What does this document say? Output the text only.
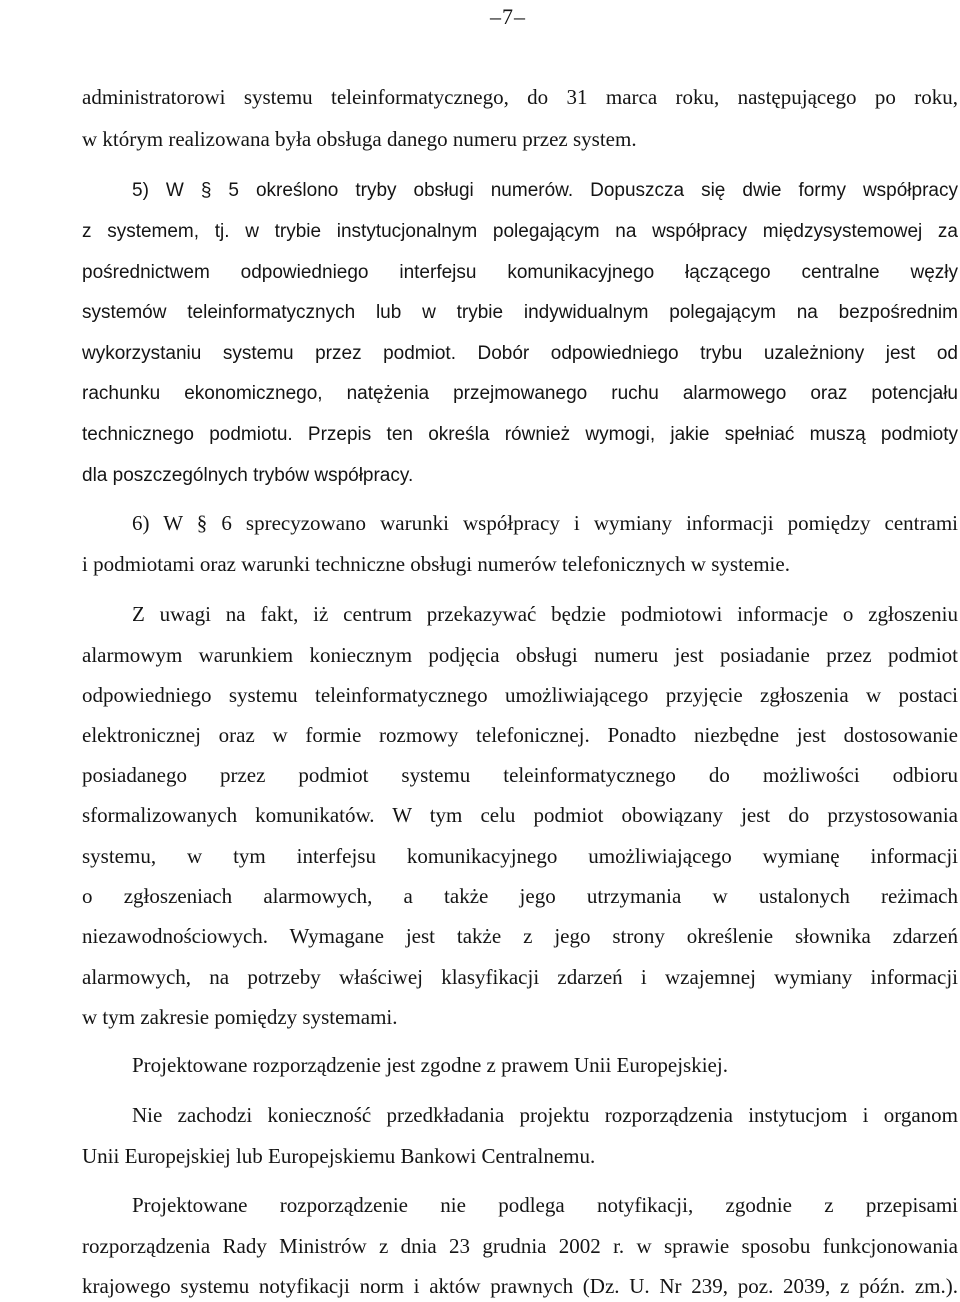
–7–
administratorowi systemu teleinformatycznego, do 31 marca roku, następującego po roku,
w którym realizowana była obsługa danego numeru przez system.
5) W § 5 określono tryby obsługi numerów. Dopuszcza się dwie formy współpracy
z systemem, tj. w trybie instytucjonalnym polegającym na współpracy międzysystemowej za
pośrednictwem odpowiedniego interfejsu komunikacyjnego łączącego centralne węzły
systemów teleinformatycznych lub w trybie indywidualnym polegającym na bezpośrednim
wykorzystaniu systemu przez podmiot. Dobór odpowiedniego trybu uzależniony jest od
rachunku ekonomicznego, natężenia przejmowanego ruchu alarmowego oraz potencjału
technicznego podmiotu. Przepis ten określa również wymogi, jakie spełniać muszą podmioty
dla poszczególnych trybów współpracy.
6) W § 6 sprecyzowano warunki współpracy i wymiany informacji pomiędzy centrami
i podmiotami oraz warunki techniczne obsługi numerów telefonicznych w systemie.
Z uwagi na fakt, iż centrum przekazywać będzie podmiotowi informacje o zgłoszeniu
alarmowym warunkiem koniecznym podjęcia obsługi numeru jest posiadanie przez podmiot
odpowiedniego systemu teleinformatycznego umożliwiającego przyjęcie zgłoszenia w postaci
elektronicznej oraz w formie rozmowy telefonicznej. Ponadto niezbędne jest dostosowanie
posiadanego przez podmiot systemu teleinformatycznego do możliwości odbioru
sformalizowanych komunikatów. W tym celu podmiot obowiązany jest do przystosowania
systemu, w tym interfejsu komunikacyjnego umożliwiającego wymianę informacji
o zgłoszeniach alarmowych, a także jego utrzymania w ustalonych reżimach
niezawodnościowych. Wymagane jest także z jego strony określenie słownika zdarzeń
alarmowych, na potrzeby właściwej klasyfikacji zdarzeń i wzajemnej wymiany informacji
w tym zakresie pomiędzy systemami.
Projektowane rozporządzenie jest zgodne z prawem Unii Europejskiej.
Nie zachodzi konieczność przedkładania projektu rozporządzenia instytucjom i organom
Unii Europejskiej lub Europejskiemu Bankowi Centralnemu.
Projektowane rozporządzenie nie podlega notyfikacji, zgodnie z przepisami
rozporządzenia Rady Ministrów z dnia 23 grudnia 2002 r. w sprawie sposobu funkcjonowania
krajowego systemu notyfikacji norm i aktów prawnych (Dz. U. Nr 239, poz. 2039, z późn. zm.).
